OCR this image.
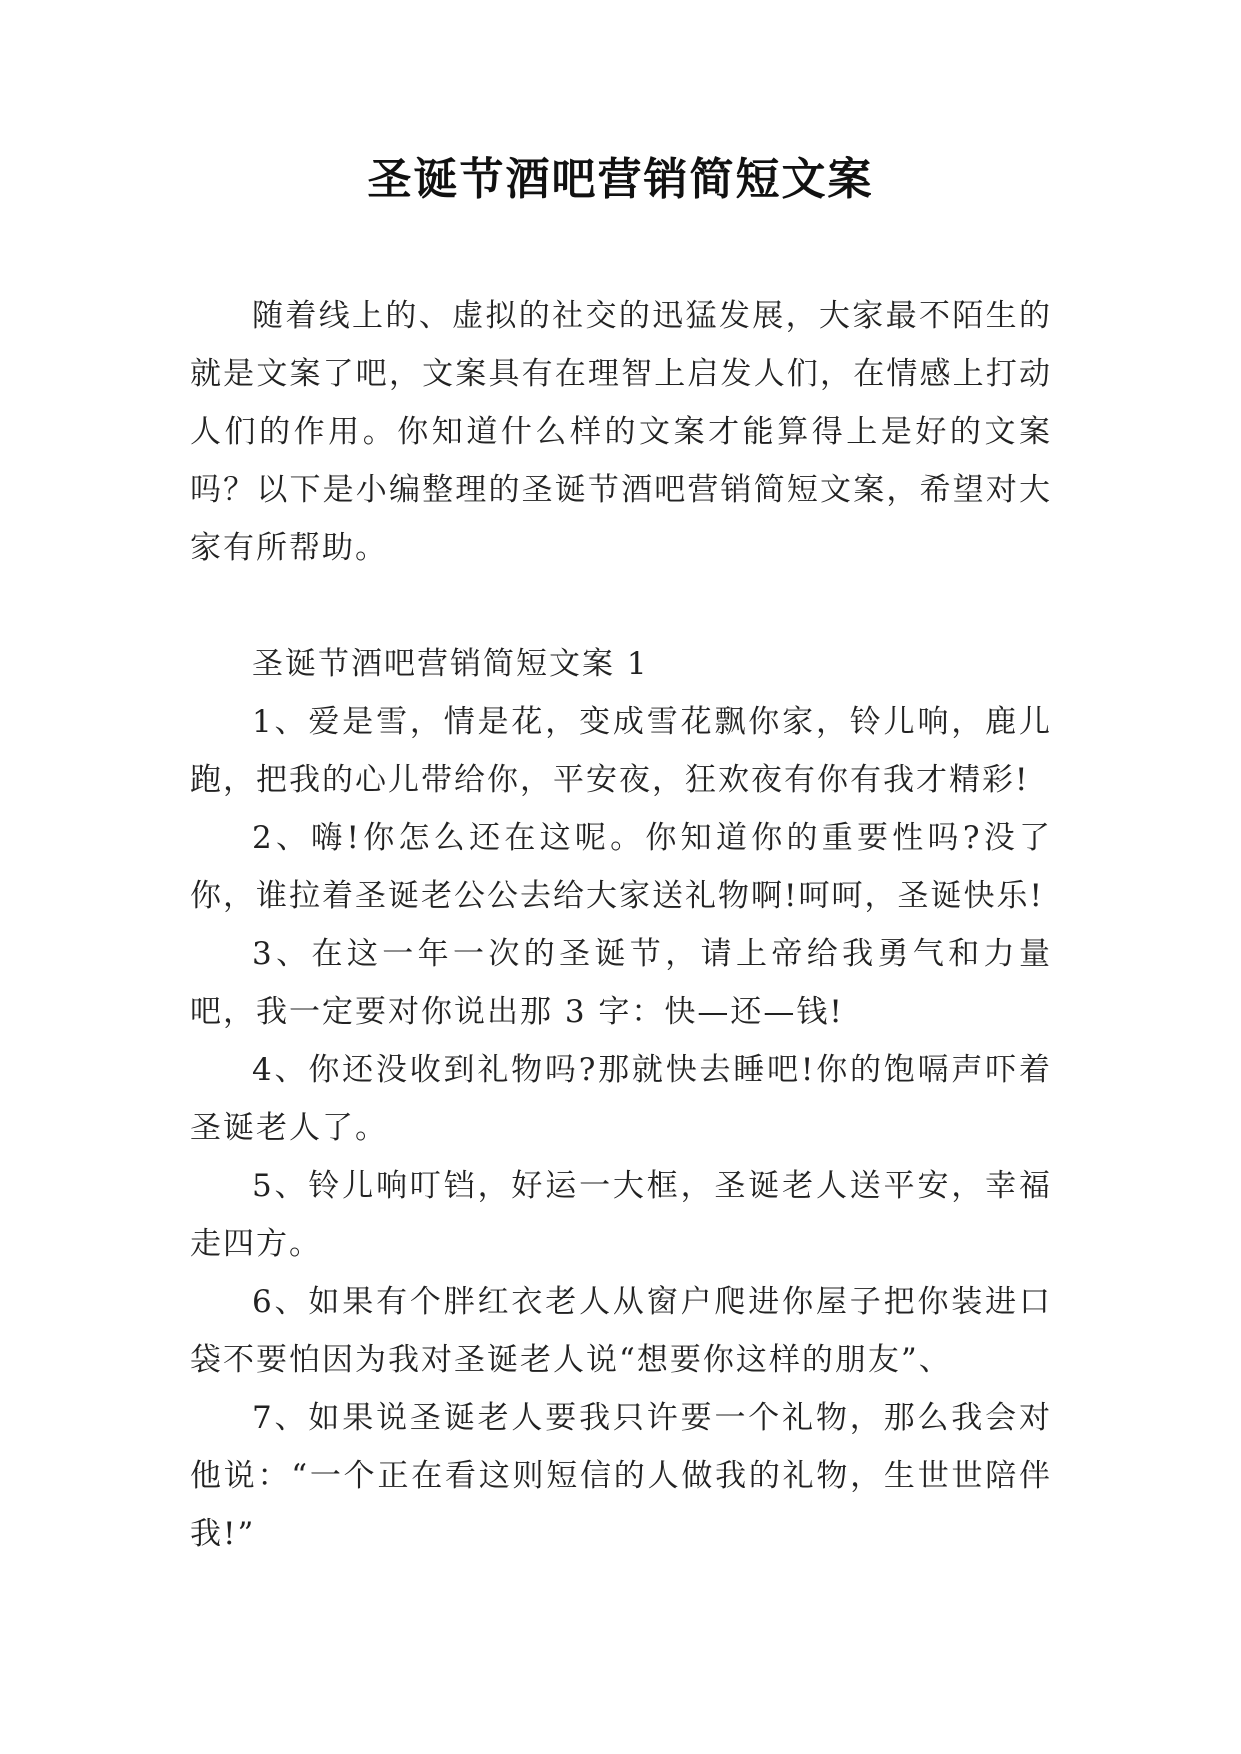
圣诞节酒吧营销简短文案

随着线上的、虚拟的社交的迅猛发展，大家最不陌生的就是文案了吧，文案具有在理智上启发人们，在情感上打动人们的作用。你知道什么样的文案才能算得上是好的文案吗？以下是小编整理的圣诞节酒吧营销简短文案，希望对大家有所帮助。

圣诞节酒吧营销简短文案 1

1、爱是雪，情是花，变成雪花飘你家，铃儿响，鹿儿跑，把我的心儿带给你，平安夜，狂欢夜有你有我才精彩!

2、嗨!你怎么还在这呢。你知道你的重要性吗?没了你，谁拉着圣诞老公公去给大家送礼物啊!呵呵，圣诞快乐!

3、在这一年一次的圣诞节，请上帝给我勇气和力量吧，我一定要对你说出那 3 字：快—还—钱!

4、你还没收到礼物吗?那就快去睡吧!你的饱嗝声吓着圣诞老人了。

5、铃儿响叮铛，好运一大框，圣诞老人送平安，幸福走四方。

6、如果有个胖红衣老人从窗户爬进你屋子把你装进口袋不要怕因为我对圣诞老人说“想要你这样的朋友”、

7、如果说圣诞老人要我只许要一个礼物，那么我会对他说：“一个正在看这则短信的人做我的礼物，生世世陪伴我!”
